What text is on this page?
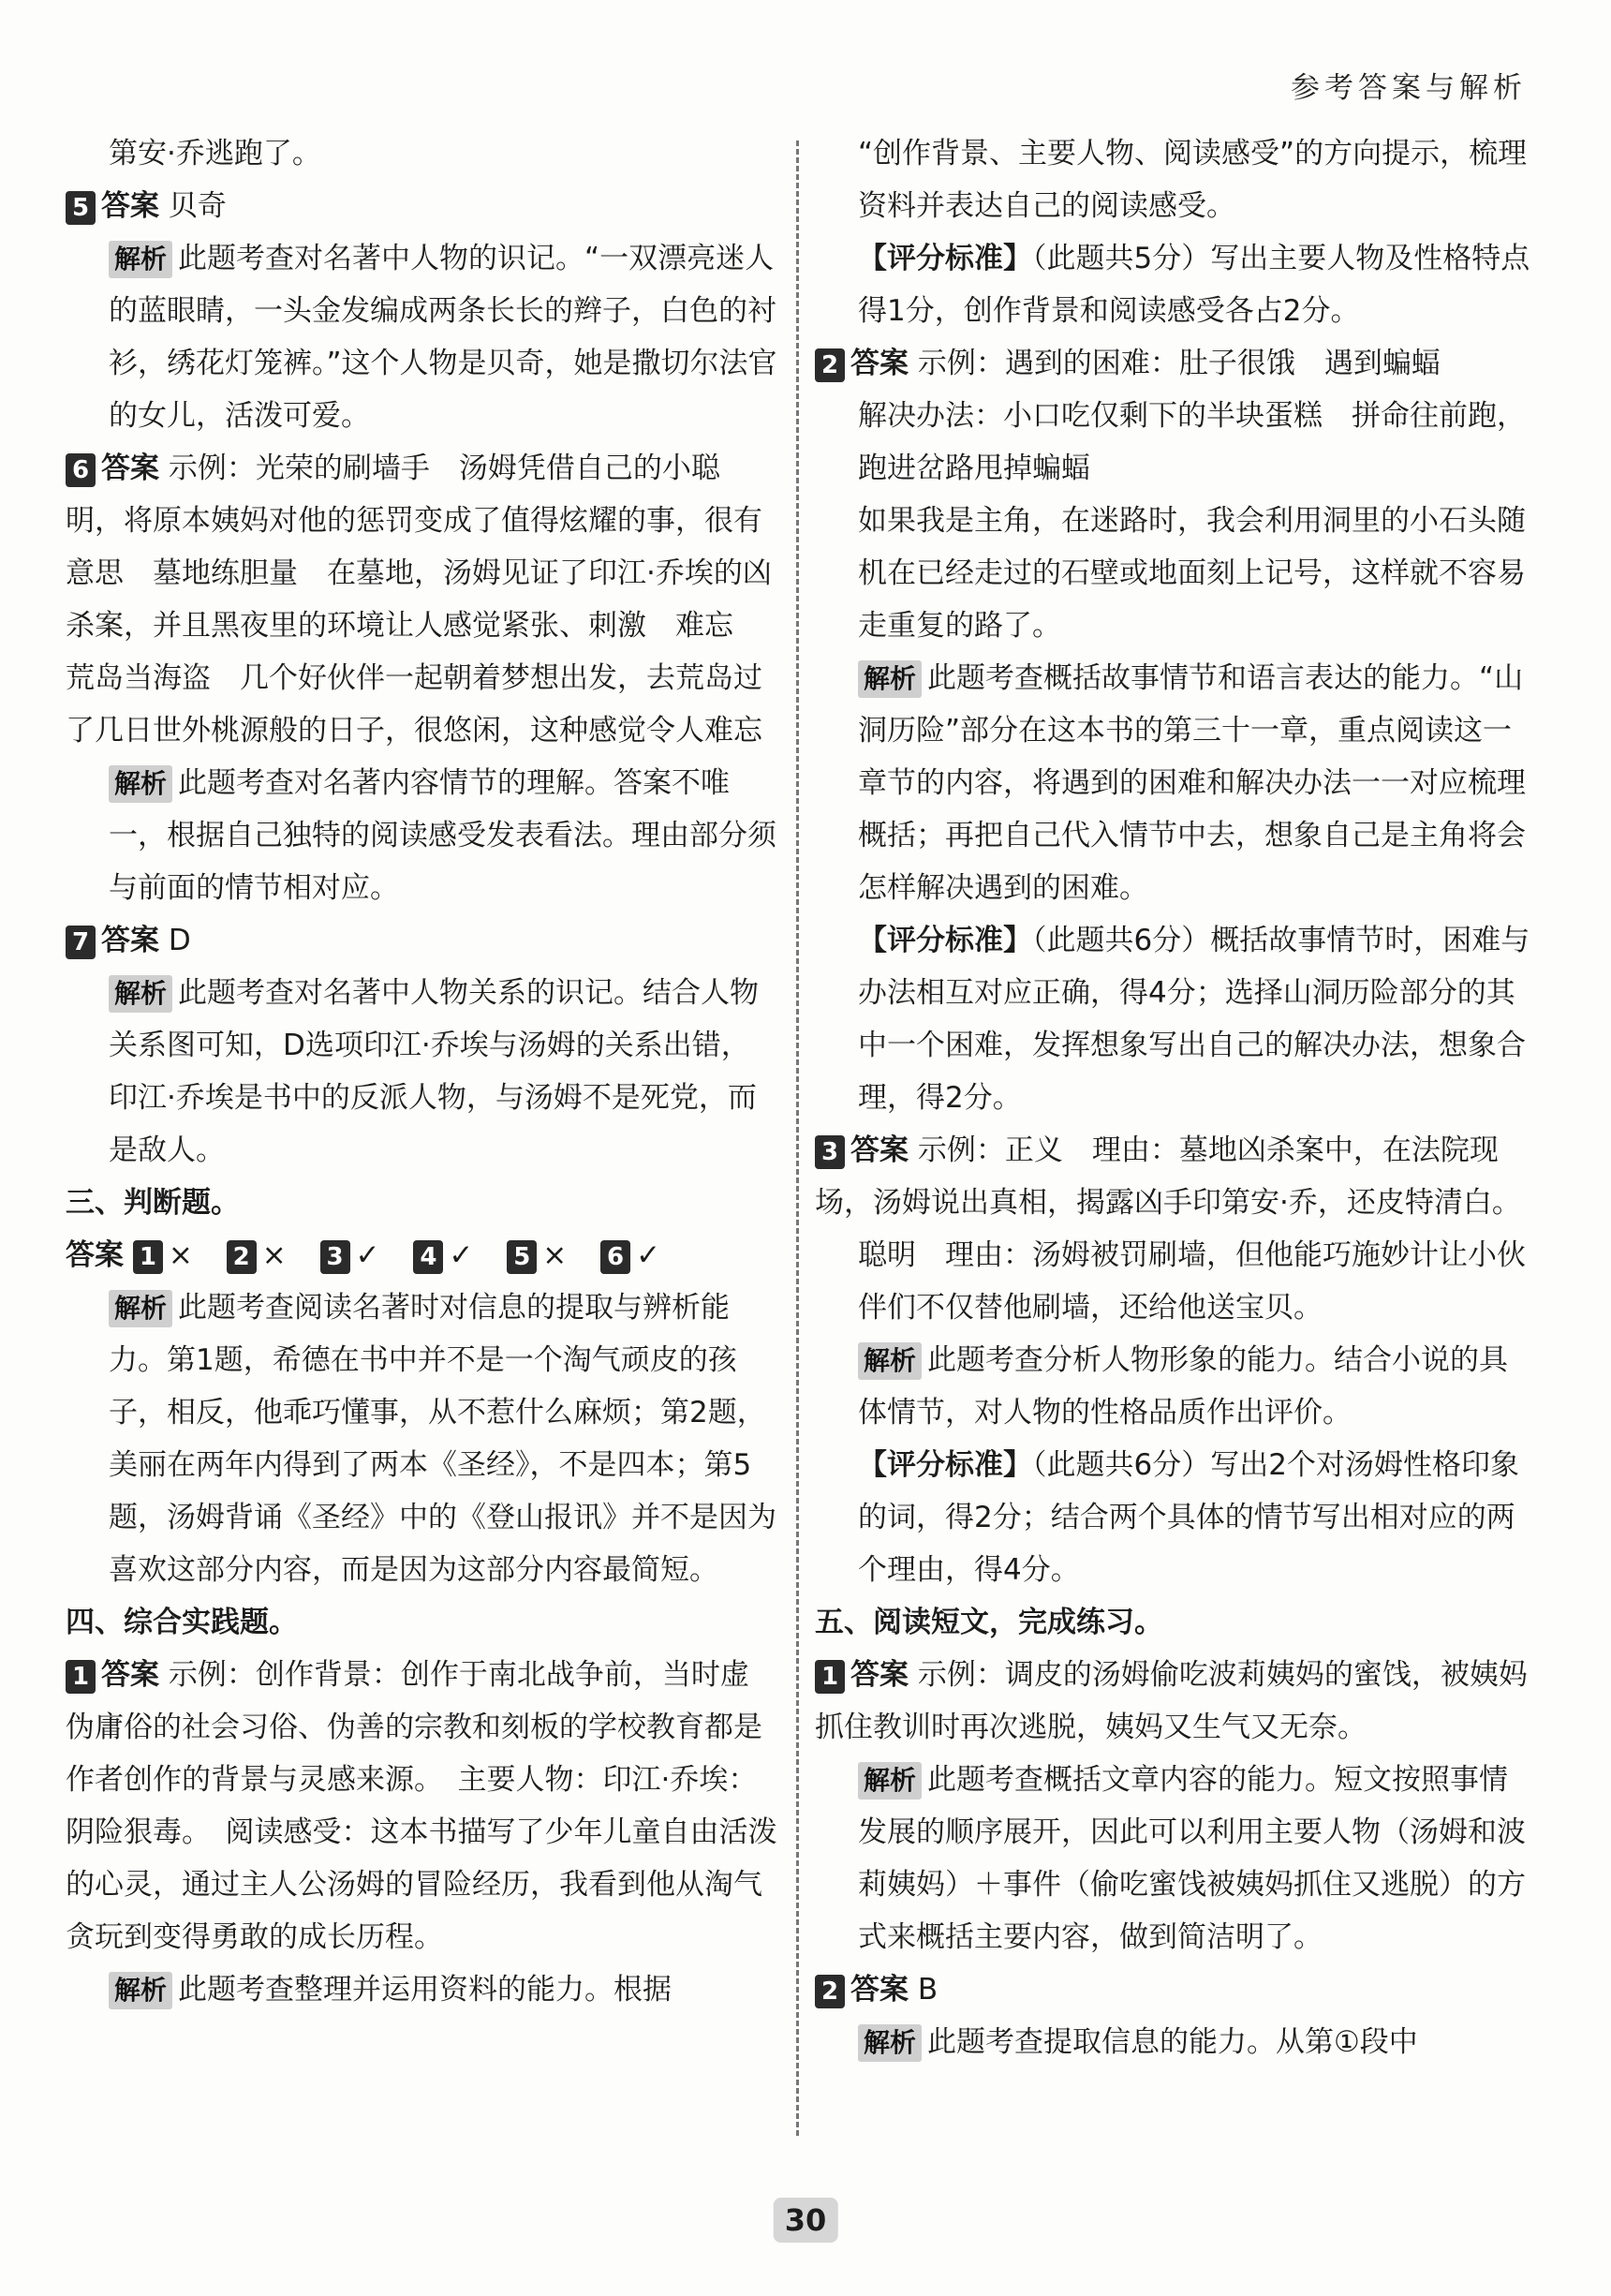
参考答案与解析

第安·乔逃跑了。

5 答案 贝奇

解析 此题考查对名著中人物的识记。“一双漂亮迷人的蓝眼睛，一头金发编成两条长长的辫子，白色的衬衫，绣花灯笼裤。”这个人物是贝奇，她是撒切尔法官的女儿，活泼可爱。

6 答案 示例：光荣的刷墙手　汤姆凭借自己的小聪明，将原本姨妈对他的惩罚变成了值得炫耀的事，很有意思　墓地练胆量　在墓地，汤姆见证了印江·乔埃的凶杀案，并且黑夜里的环境让人感觉紧张、刺激　难忘　荒岛当海盗　几个好伙伴一起朝着梦想出发，去荒岛过了几日世外桃源般的日子，很悠闲，这种感觉令人难忘

解析 此题考查对名著内容情节的理解。答案不唯一，根据自己独特的阅读感受发表看法。理由部分须与前面的情节相对应。

7 答案 D

解析 此题考查对名著中人物关系的识记。结合人物关系图可知，D选项印江·乔埃与汤姆的关系出错，印江·乔埃是书中的反派人物，与汤姆不是死党，而是敌人。

三、判断题。

答案 1 × 2 × 3 ✓ 4 ✓ 5 × 6 ✓

解析 此题考查阅读名著时对信息的提取与辨析能力。第1题，希德在书中并不是一个淘气顽皮的孩子，相反，他乖巧懂事，从不惹什么麻烦；第2题，美丽在两年内得到了两本《圣经》，不是四本；第5题，汤姆背诵《圣经》中的《登山报讯》并不是因为喜欢这部分内容，而是因为这部分内容最简短。

四、综合实践题。

1 答案 示例：创作背景：创作于南北战争前，当时虚伪庸俗的社会习俗、伪善的宗教和刻板的学校教育都是作者创作的背景与灵感来源。　主要人物：印江·乔埃：阴险狠毒。　阅读感受：这本书描写了少年儿童自由活泼的心灵，通过主人公汤姆的冒险经历，我看到他从淘气贪玩到变得勇敢的成长历程。

解析 此题考查整理并运用资料的能力。根据

“创作背景、主要人物、阅读感受”的方向提示，梳理资料并表达自己的阅读感受。

【评分标准】（此题共5分）写出主要人物及性格特点得1分，创作背景和阅读感受各占2分。

2 答案 示例：遇到的困难：肚子很饿　遇到蝙蝠

解决办法：小口吃仅剩下的半块蛋糕　拼命往前跑，跑进岔路甩掉蝙蝠

如果我是主角，在迷路时，我会利用洞里的小石头随机在已经走过的石壁或地面刻上记号，这样就不容易走重复的路了。

解析 此题考查概括故事情节和语言表达的能力。“山洞历险”部分在这本书的第三十一章，重点阅读这一章节的内容，将遇到的困难和解决办法一一对应梳理概括；再把自己代入情节中去，想象自己是主角将会怎样解决遇到的困难。

【评分标准】（此题共6分）概括故事情节时，困难与办法相互对应正确，得4分；选择山洞历险部分的其中一个困难，发挥想象写出自己的解决办法，想象合理，得2分。

3 答案 示例：正义　理由：墓地凶杀案中，在法院现场，汤姆说出真相，揭露凶手印第安·乔，还皮特清白。

聪明　理由：汤姆被罚刷墙，但他能巧施妙计让小伙伴们不仅替他刷墙，还给他送宝贝。

解析 此题考查分析人物形象的能力。结合小说的具体情节，对人物的性格品质作出评价。

【评分标准】（此题共6分）写出2个对汤姆性格印象的词，得2分；结合两个具体的情节写出相对应的两个理由，得4分。

五、阅读短文，完成练习。

1 答案 示例：调皮的汤姆偷吃波莉姨妈的蜜饯，被姨妈抓住教训时再次逃脱，姨妈又生气又无奈。

解析 此题考查概括文章内容的能力。短文按照事情发展的顺序展开，因此可以利用主要人物（汤姆和波莉姨妈）＋事件（偷吃蜜饯被姨妈抓住又逃脱）的方式来概括主要内容，做到简洁明了。

2 答案 B

解析 此题考查提取信息的能力。从第①段中

30
